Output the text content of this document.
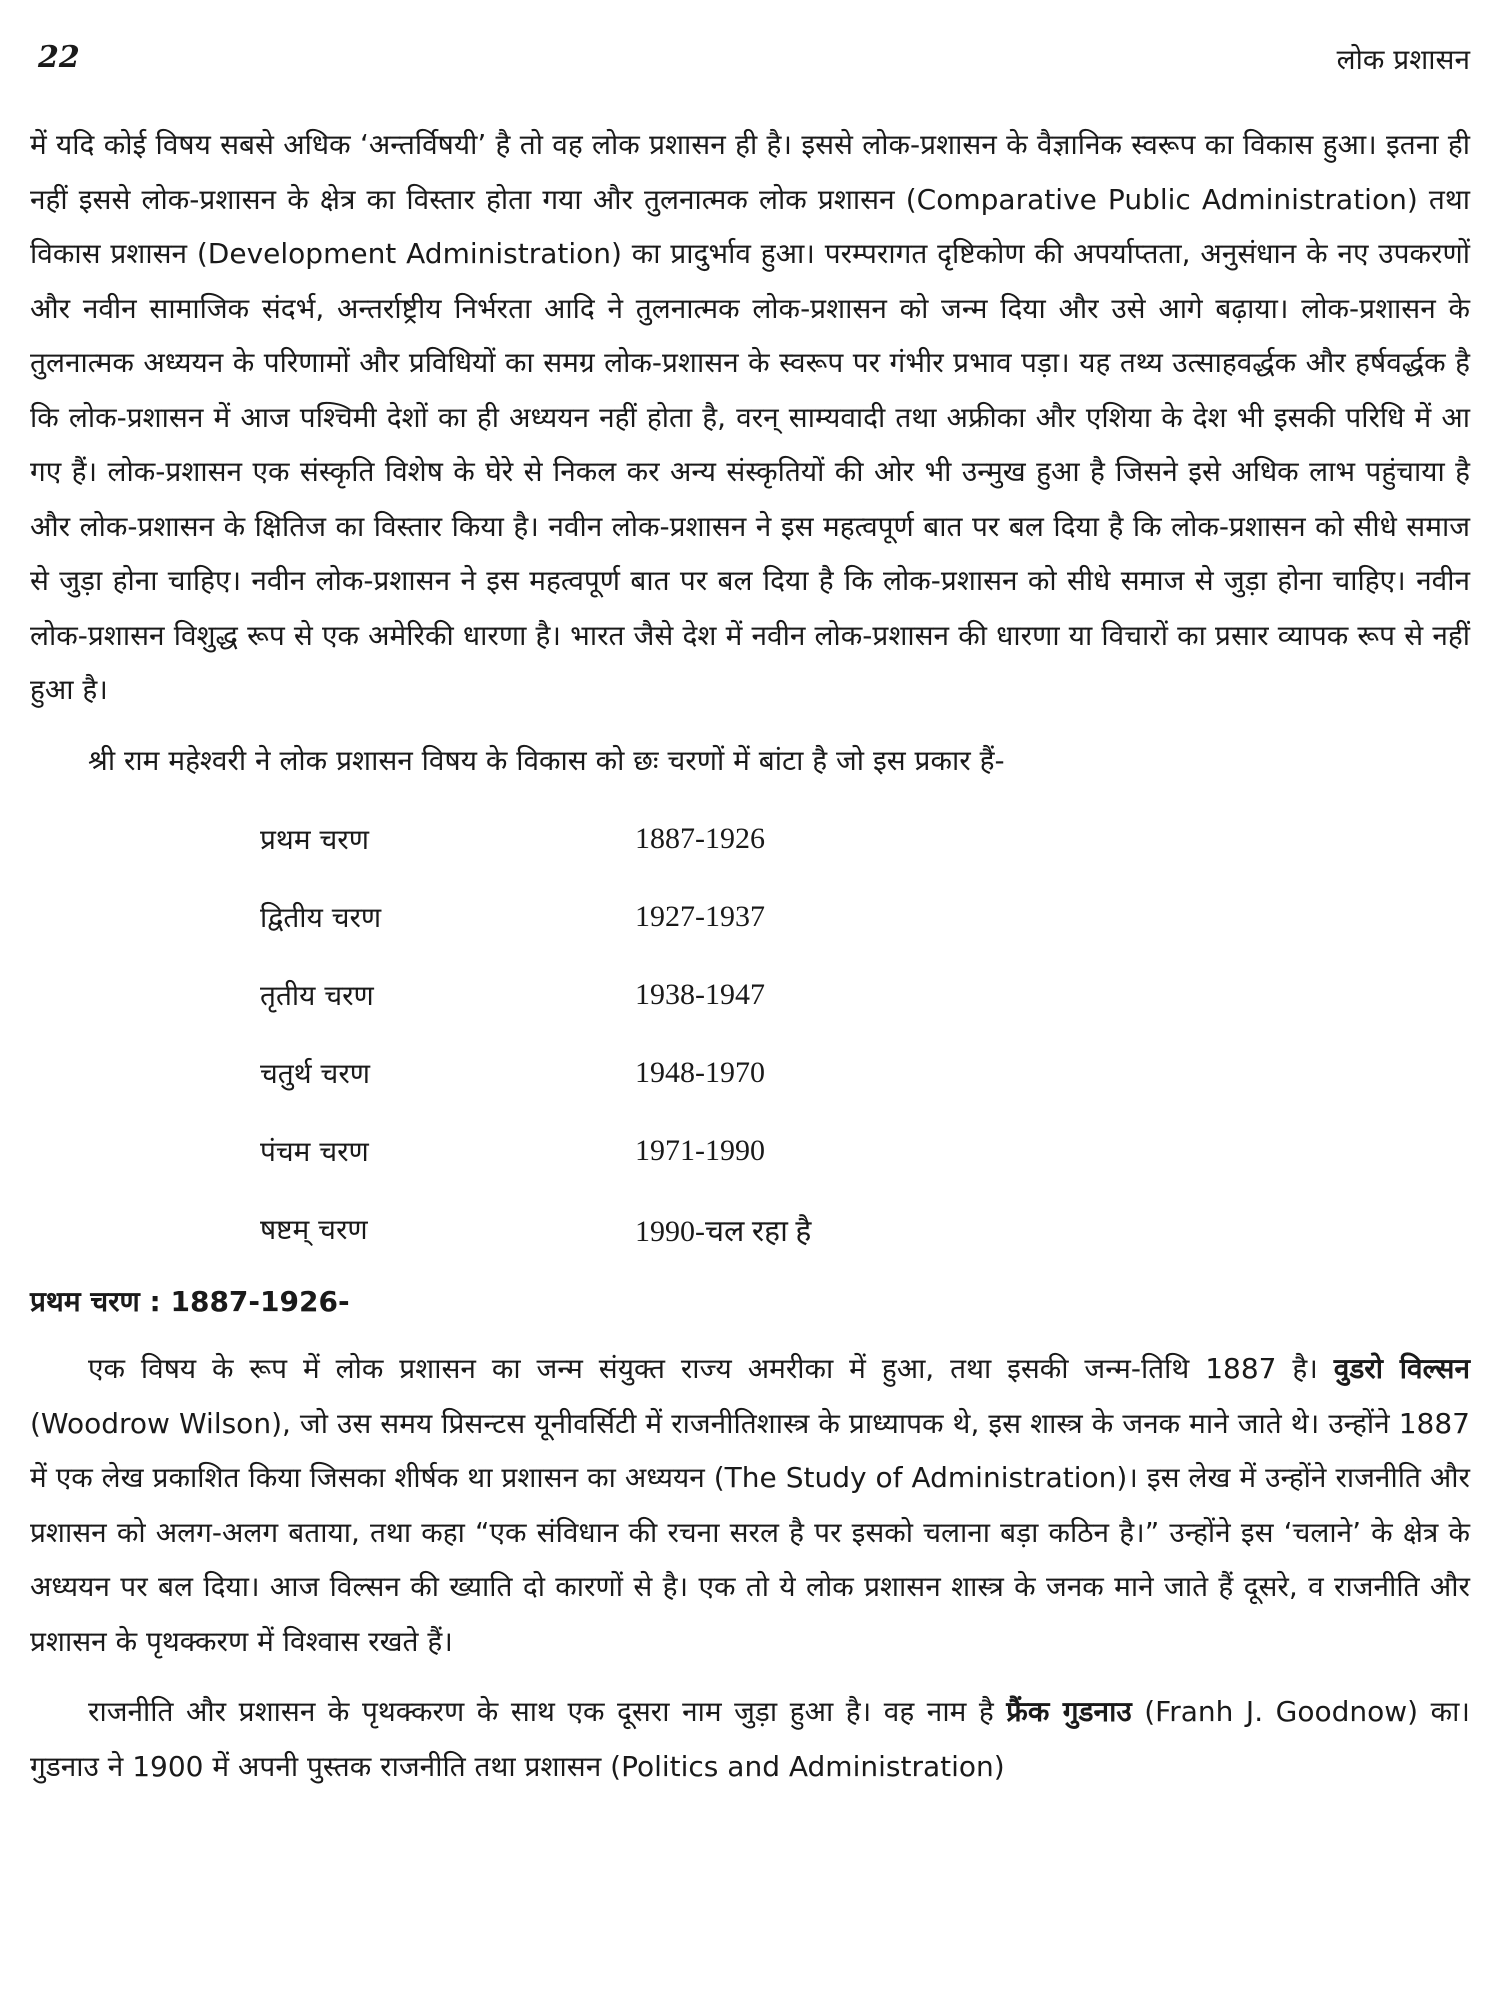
22	लोक प्रशासन

में यदि कोई विषय सबसे अधिक ‘अन्तर्विषयी’ है तो वह लोक प्रशासन ही है। इससे लोक-प्रशासन के वैज्ञानिक स्वरूप का विकास हुआ। इतना ही नहीं इससे लोक-प्रशासन के क्षेत्र का विस्तार होता गया और तुलनात्मक लोक प्रशासन (Comparative Public Administration) तथा विकास प्रशासन (Development Administration) का प्रादुर्भाव हुआ। परम्परागत दृष्टिकोण की अपर्याप्तता, अनुसंधान के नए उपकरणों और नवीन सामाजिक संदर्भ, अन्तर्राष्ट्रीय निर्भरता आदि ने तुलनात्मक लोक-प्रशासन को जन्म दिया और उसे आगे बढ़ाया। लोक-प्रशासन के तुलनात्मक अध्ययन के परिणामों और प्रविधियों का समग्र लोक-प्रशासन के स्वरूप पर गंभीर प्रभाव पड़ा। यह तथ्य उत्साहवर्द्धक और हर्षवर्द्धक है कि लोक-प्रशासन में आज पश्चिमी देशों का ही अध्ययन नहीं होता है, वरन् साम्यवादी तथा अफ्रीका और एशिया के देश भी इसकी परिधि में आ गए हैं। लोक-प्रशासन एक संस्कृति विशेष के घेरे से निकल कर अन्य संस्कृतियों की ओर भी उन्मुख हुआ है जिसने इसे अधिक लाभ पहुंचाया है और लोक-प्रशासन के क्षितिज का विस्तार किया है। नवीन लोक-प्रशासन ने इस महत्वपूर्ण बात पर बल दिया है कि लोक-प्रशासन को सीधे समाज से जुड़ा होना चाहिए। नवीन लोक-प्रशासन ने इस महत्वपूर्ण बात पर बल दिया है कि लोक-प्रशासन को सीधे समाज से जुड़ा होना चाहिए। नवीन लोक-प्रशासन विशुद्ध रूप से एक अमेरिकी धारणा है। भारत जैसे देश में नवीन लोक-प्रशासन की धारणा या विचारों का प्रसार व्यापक रूप से नहीं हुआ है।

श्री राम महेश्वरी ने लोक प्रशासन विषय के विकास को छः चरणों में बांटा है जो इस प्रकार हैं-

प्रथम चरण	1887-1926
द्वितीय चरण	1927-1937
तृतीय चरण	1938-1947
चतुर्थ चरण	1948-1970
पंचम चरण	1971-1990
षष्टम् चरण	1990-चल रहा है
प्रथम चरण : 1887-1926-

एक विषय के रूप में लोक प्रशासन का जन्म संयुक्त राज्य अमरीका में हुआ, तथा इसकी जन्म-तिथि 1887 है। वुडरो विल्सन (Woodrow Wilson), जो उस समय प्रिसन्टस यूनीवर्सिटी में राजनीतिशास्त्र के प्राध्यापक थे, इस शास्त्र के जनक माने जाते थे। उन्होंने 1887 में एक लेख प्रकाशित किया जिसका शीर्षक था प्रशासन का अध्ययन (The Study of Administration)। इस लेख में उन्होंने राजनीति और प्रशासन को अलग-अलग बताया, तथा कहा “एक संविधान की रचना सरल है पर इसको चलाना बड़ा कठिन है।” उन्होंने इस ‘चलाने’ के क्षेत्र के अध्ययन पर बल दिया। आज विल्सन की ख्याति दो कारणों से है। एक तो ये लोक प्रशासन शास्त्र के जनक माने जाते हैं दूसरे, व राजनीति और प्रशासन के पृथक्करण में विश्वास रखते हैं।

राजनीति और प्रशासन के पृथक्करण के साथ एक दूसरा नाम जुड़ा हुआ है। वह नाम है फ्रैंक गुडनाउ (Franh J. Goodnow) का। गुडनाउ ने 1900 में अपनी पुस्तक राजनीति तथा प्रशासन (Politics and Administration)
